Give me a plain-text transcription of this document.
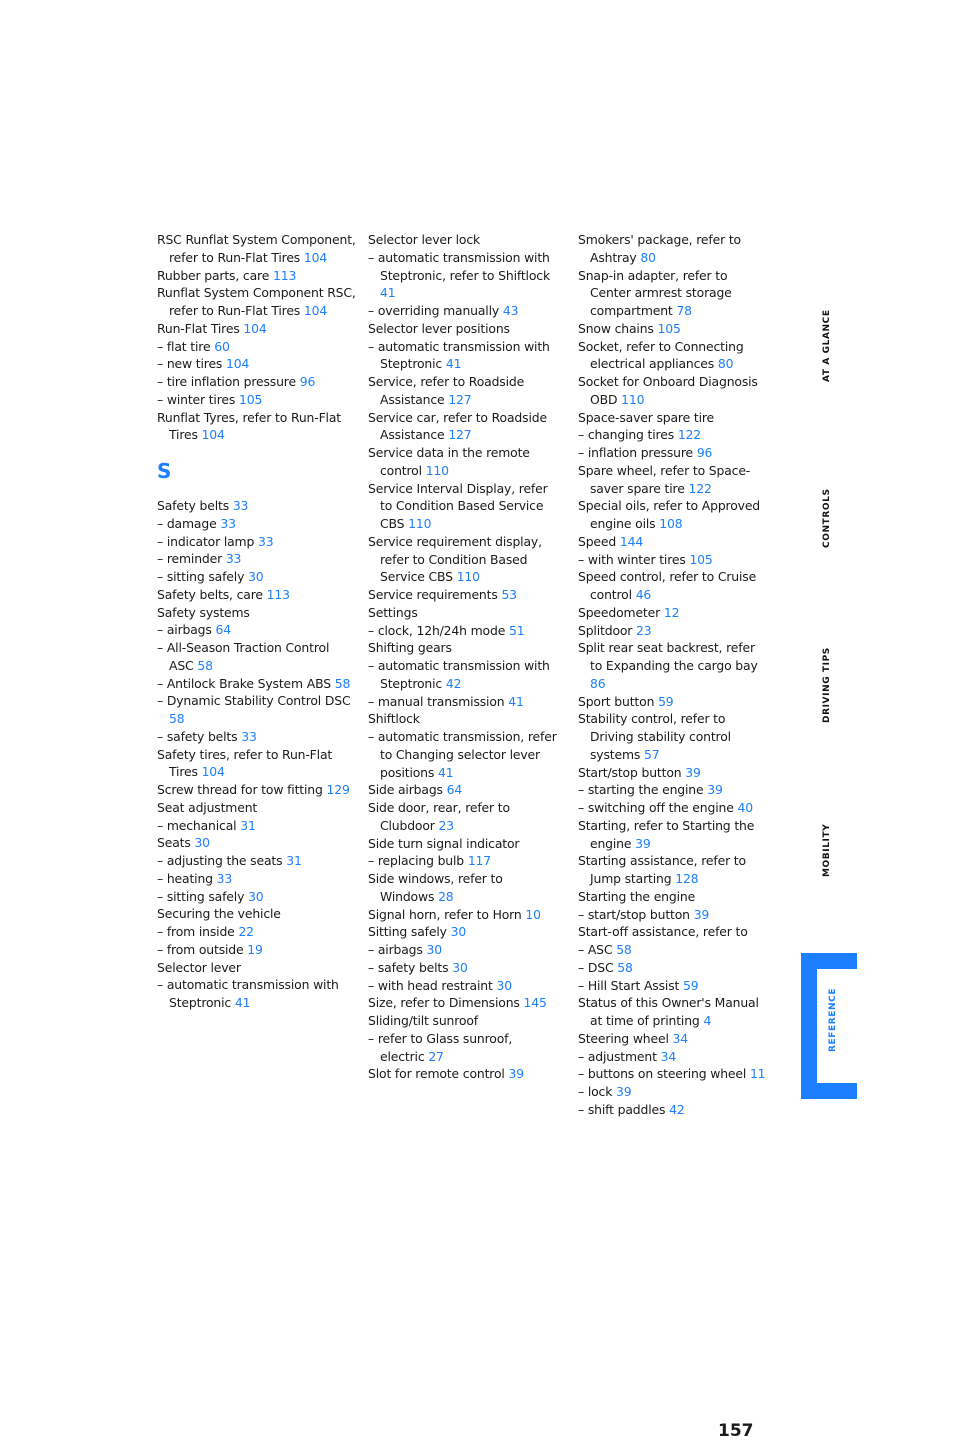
RSC Runflat System Component, refer to Run-Flat Tires 104
Rubber parts, care 113
Runflat System Component RSC, refer to Run-Flat Tires 104
Run-Flat Tires 104
– flat tire 60
– new tires 104
– tire inflation pressure 96
– winter tires 105
Runflat Tyres, refer to Run-Flat Tires 104
S
Safety belts 33
– damage 33
– indicator lamp 33
– reminder 33
– sitting safely 30
Safety belts, care 113
Safety systems
– airbags 64
– All-Season Traction Control ASC 58
– Antilock Brake System ABS 58
– Dynamic Stability Control DSC 58
– safety belts 33
Safety tires, refer to Run-Flat Tires 104
Screw thread for tow fitting 129
Seat adjustment
– mechanical 31
Seats 30
– adjusting the seats 31
– heating 33
– sitting safely 30
Securing the vehicle
– from inside 22
– from outside 19
Selector lever
– automatic transmission with Steptronic 41
Selector lever lock
– automatic transmission with Steptronic, refer to Shiftlock 41
– overriding manually 43
Selector lever positions
– automatic transmission with Steptronic 41
Service, refer to Roadside Assistance 127
Service car, refer to Roadside Assistance 127
Service data in the remote control 110
Service Interval Display, refer to Condition Based Service CBS 110
Service requirement display, refer to Condition Based Service CBS 110
Service requirements 53
Settings
– clock, 12h/24h mode 51
Shifting gears
– automatic transmission with Steptronic 42
– manual transmission 41
Shiftlock
– automatic transmission, refer to Changing selector lever positions 41
Side airbags 64
Side door, rear, refer to Clubdoor 23
Side turn signal indicator
– replacing bulb 117
Side windows, refer to Windows 28
Signal horn, refer to Horn 10
Sitting safely 30
– airbags 30
– safety belts 30
– with head restraint 30
Size, refer to Dimensions 145
Sliding/tilt sunroof
– refer to Glass sunroof, electric 27
Slot for remote control 39
Smokers' package, refer to Ashtray 80
Snap-in adapter, refer to Center armrest storage compartment 78
Snow chains 105
Socket, refer to Connecting electrical appliances 80
Socket for Onboard Diagnosis OBD 110
Space-saver spare tire
– changing tires 122
– inflation pressure 96
Spare wheel, refer to Space-saver spare tire 122
Special oils, refer to Approved engine oils 108
Speed 144
– with winter tires 105
Speed control, refer to Cruise control 46
Speedometer 12
Splitdoor 23
Split rear seat backrest, refer to Expanding the cargo bay 86
Sport button 59
Stability control, refer to Driving stability control systems 57
Start/stop button 39
– starting the engine 39
– switching off the engine 40
Starting, refer to Starting the engine 39
Starting assistance, refer to Jump starting 128
Starting the engine
– start/stop button 39
Start-off assistance, refer to
– ASC 58
– DSC 58
– Hill Start Assist 59
Status of this Owner's Manual at time of printing 4
Steering wheel 34
– adjustment 34
– buttons on steering wheel 11
– lock 39
– shift paddles 42
AT A GLANCE
CONTROLS
DRIVING TIPS
MOBILITY
REFERENCE
157
